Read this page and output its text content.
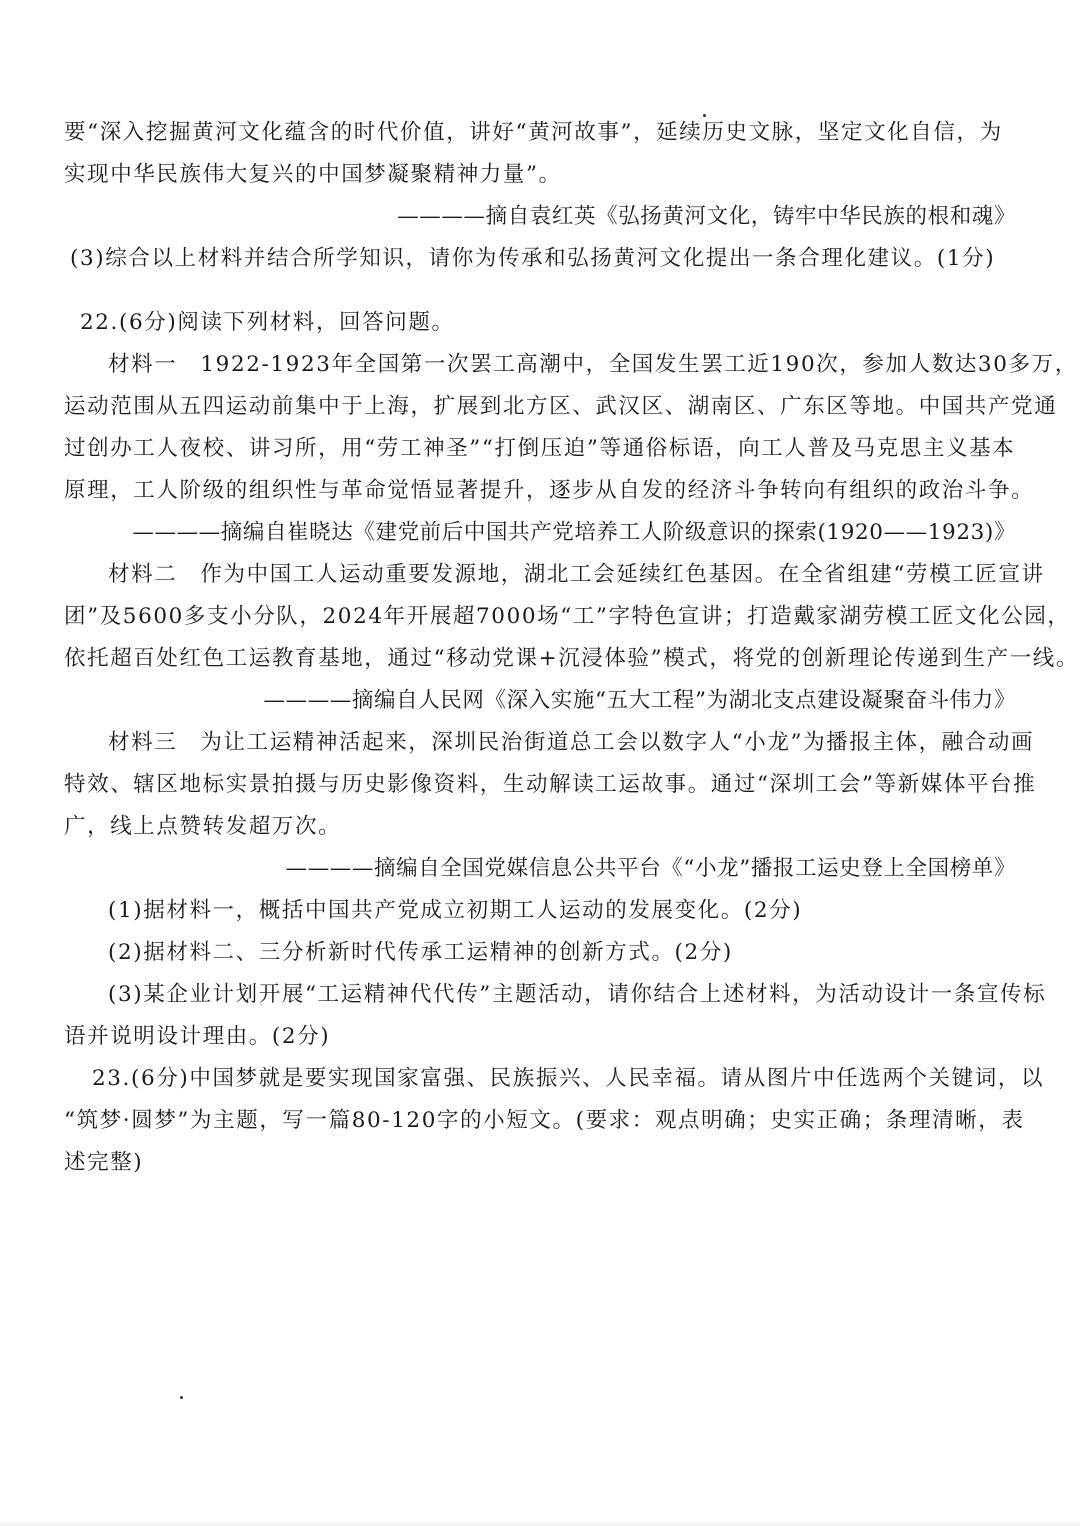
要“深入挖掘黄河文化蕴含的时代价值，讲好“黄河故事”，延续历史文脉，坚定文化自信，为
实现中华民族伟大复兴的中国梦凝聚精神力量”。
————摘自袁红英《弘扬黄河文化，铸牢中华民族的根和魂》
(3)综合以上材料并结合所学知识，请你为传承和弘扬黄河文化提出一条合理化建议。(1分)
22.(6分)阅读下列材料，回答问题。
材料一　1922-1923年全国第一次罢工高潮中，全国发生罢工近190次，参加人数达30多万，
运动范围从五四运动前集中于上海，扩展到北方区、武汉区、湖南区、广东区等地。中国共产党通
过创办工人夜校、讲习所，用“劳工神圣”“打倒压迫”等通俗标语，向工人普及马克思主义基本
原理，工人阶级的组织性与革命觉悟显著提升，逐步从自发的经济斗争转向有组织的政治斗争。
————摘编自崔晓达《建党前后中国共产党培养工人阶级意识的探索(1920——1923)》
材料二　作为中国工人运动重要发源地，湖北工会延续红色基因。在全省组建“劳模工匠宣讲
团”及5600多支小分队，2024年开展超7000场“工”字特色宣讲；打造戴家湖劳模工匠文化公园，
依托超百处红色工运教育基地，通过“移动党课+沉浸体验”模式，将党的创新理论传递到生产一线。
————摘编自人民网《深入实施“五大工程”为湖北支点建设凝聚奋斗伟力》
材料三　为让工运精神活起来，深圳民治街道总工会以数字人“小龙”为播报主体，融合动画
特效、辖区地标实景拍摄与历史影像资料，生动解读工运故事。通过“深圳工会”等新媒体平台推
广，线上点赞转发超万次。
————摘编自全国党媒信息公共平台《“小龙”播报工运史登上全国榜单》
(1)据材料一，概括中国共产党成立初期工人运动的发展变化。(2分)
(2)据材料二、三分析新时代传承工运精神的创新方式。(2分)
(3)某企业计划开展“工运精神代代传”主题活动，请你结合上述材料，为活动设计一条宣传标
语并说明设计理由。(2分)
23.(6分)中国梦就是要实现国家富强、民族振兴、人民幸福。请从图片中任选两个关键词，以
“筑梦·圆梦”为主题，写一篇80-120字的小短文。(要求：观点明确；史实正确；条理清晰，表
述完整)
